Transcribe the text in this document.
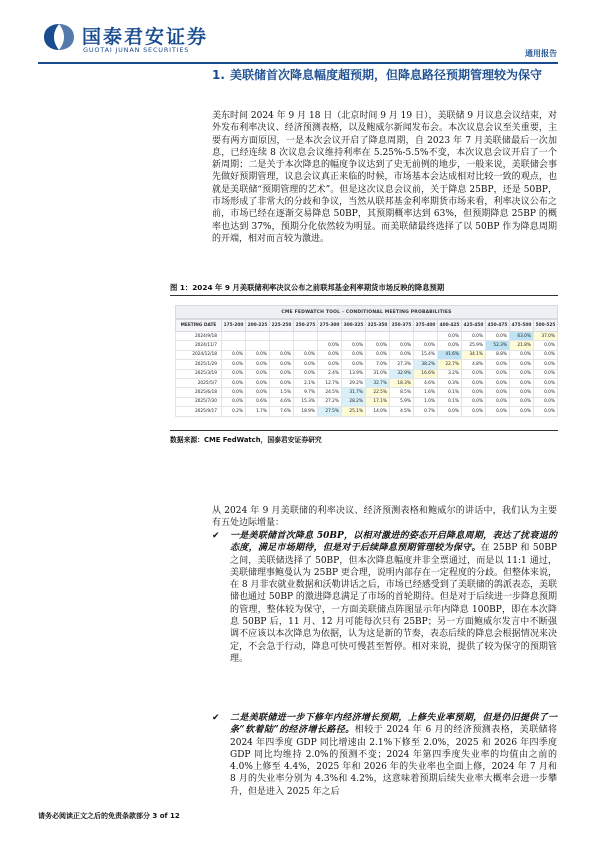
国泰君安证券
GUOTAI JUNAN SECURITIES	通用报告
1. 美联储首次降息幅度超预期，但降息路径预期管理较为保守

美东时间 2024 年 9 月 18 日（北京时间 9 月 19 日），美联储 9 月议息会议结束，对外发布利率决议、经济预测表格，以及鲍威尔新闻发布会。本次议息会议至关重要，主要有两方面原因，一是本次会议开启了降息周期，自 2023 年 7 月美联储最后一次加息，已经连续 8 次议息会议维持利率在 5.25%-5.5%不变，本次议息会议开启了一个新周期；二是关于本次降息的幅度争议达到了史无前例的地步，一般来说，美联储会事先做好预期管理，议息会议真正来临的时候，市场基本会达成相对比较一致的观点，也就是美联储“预期管理的艺术”。但是这次议息会议前，关于降息 25BP，还是 50BP，市场形成了非常大的分歧和争议，当然从联邦基金利率期货市场来看，利率决议公布之前，市场已经在逐渐交易降息 50BP，其预期概率达到 63%，但预期降息 25BP 的概率也达到 37%，预期分化依然较为明显。而美联储最终选择了以 50BP 作为降息周期的开端，相对而言较为激进。

图 1：2024 年 9 月美联储利率决议公布之前联邦基金利率期货市场反映的降息预期
CME FEDWATCH TOOL - CONDITIONAL MEETING PROBABILITIES
MEETING DATE	175-200	200-225	225-250	250-275	275-300	300-325	325-350	350-375	375-400	400-425	425-450	450-475	475-500	500-525
2024/9/18										0.0%	0.0%	0.0%	63.0%	37.0%
2024/11/7					0.0%	0.0%	0.0%	0.0%	0.0%	0.0%	25.9%	52.3%	21.8%	0.0%
2024/12/18	0.0%	0.0%	0.0%	0.0%	0.0%	0.0%	0.0%	0.0%	15.4%	41.6%	34.1%	8.8%	0.0%	0.0%
2025/1/29	0.0%	0.0%	0.0%	0.0%	0.0%	0.0%	7.0%	27.3%	38.2%	22.7%	4.8%	0.0%	0.0%	0.0%
2025/3/19	0.0%	0.0%	0.0%	0.0%	2.4%	13.9%	31.0%	32.9%	16.6%	3.2%	0.0%	0.0%	0.0%	0.0%
2025/5/7	0.0%	0.0%	0.0%	2.1%	12.7%	29.2%	32.7%	18.3%	4.6%	0.3%	0.0%	0.0%	0.0%	0.0%
2025/6/18	0.0%	0.0%	1.5%	9.7%	24.5%	31.7%	22.5%	8.5%	1.6%	0.1%	0.0%	0.0%	0.0%	0.0%
2025/7/30	0.0%	0.6%	4.6%	15.3%	27.2%	28.2%	17.1%	5.9%	1.0%	0.1%	0.0%	0.0%	0.0%	0.0%
2025/9/17	0.2%	1.7%	7.6%	18.9%	27.5%	25.1%	14.0%	4.5%	0.7%	0.0%	0.0%	0.0%	0.0%	0.0%
数据来源：CME FedWatch，国泰君安证券研究

从 2024 年 9 月美联储的利率决议、经济预测表格和鲍威尔的讲话中，我们认为主要有五处边际增量：

✔	一是美联储首次降息 50BP，以相对激进的姿态开启降息周期，表达了扰衰退的态度，满足市场期待，但是对于后续降息预期管理较为保守。在 25BP 和 50BP 之间，美联储选择了 50BP，但本次降息幅度并非全票通过，而是以 11:1 通过，美联储理事鲍曼认为 25BP 更合理，说明内部存在一定程度的分歧。但整体来说，在 8 月非农就业数据和沃勒讲话之后，市场已经感受到了美联储的鸽派表态，美联储也通过 50BP 的激进降息满足了市场的首轮期待。但是对于后续进一步降息预期的管理，整体较为保守，一方面美联储点阵图显示年内降息 100BP，即在本次降息 50BP 后，11 月、12 月可能每次只有 25BP；另一方面鲍威尔发言中不断强调不应该以本次降息为依据，认为这是新的节奏，表态后续的降息会根据情况来决定，不会急于行动，降息可快可慢甚至暂停。相对来说，提供了较为保守的预期管理。
✔	二是美联储进一步下修年内经济增长预期，上修失业率预期，但是仍旧提供了一条“软着陆”的经济增长路径。相较于 2024 年 6 月的经济预测表格，美联储将 2024 年四季度 GDP 同比增速由 2.1%下修至 2.0%，2025 和 2026 年四季度 GDP 同比均维持 2.0%的预测不变；2024 年第四季度失业率的均值由之前的 4.0%上修至 4.4%，2025 年和 2026 年的失业率也全面上修，2024 年 7 月和 8 月的失业率分别为 4.3%和 4.2%，这意味着预期后续失业率大概率会进一步攀升，但是进入 2025 年之后
请务必阅读正文之后的免责条款部分 3 of 12
